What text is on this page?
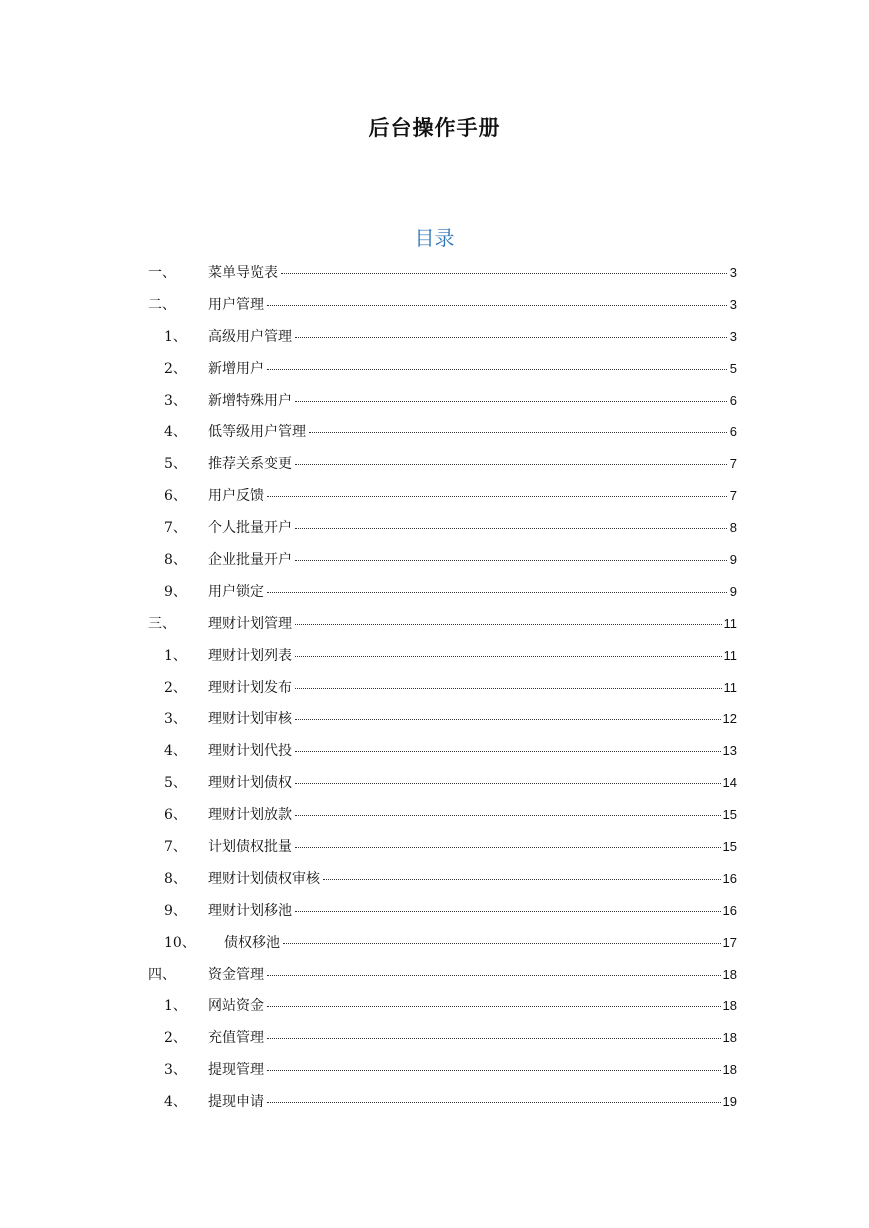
后台操作手册
目录
一、 菜单导览表	3
二、 用户管理	3
1、 高级用户管理	3
2、 新增用户	5
3、 新增特殊用户	6
4、 低等级用户管理	6
5、 推荐关系变更	7
6、 用户反馈	7
7、 个人批量开户	8
8、 企业批量开户	9
9、 用户锁定	9
三、 理财计划管理	11
1、 理财计划列表	11
2、 理财计划发布	11
3、 理财计划审核	12
4、 理财计划代投	13
5、 理财计划债权	14
6、 理财计划放款	15
7、 计划债权批量	15
8、 理财计划债权审核	16
9、 理财计划移池	16
10、 债权移池	17
四、 资金管理	18
1、 网站资金	18
2、 充值管理	18
3、 提现管理	18
4、 提现申请	19
